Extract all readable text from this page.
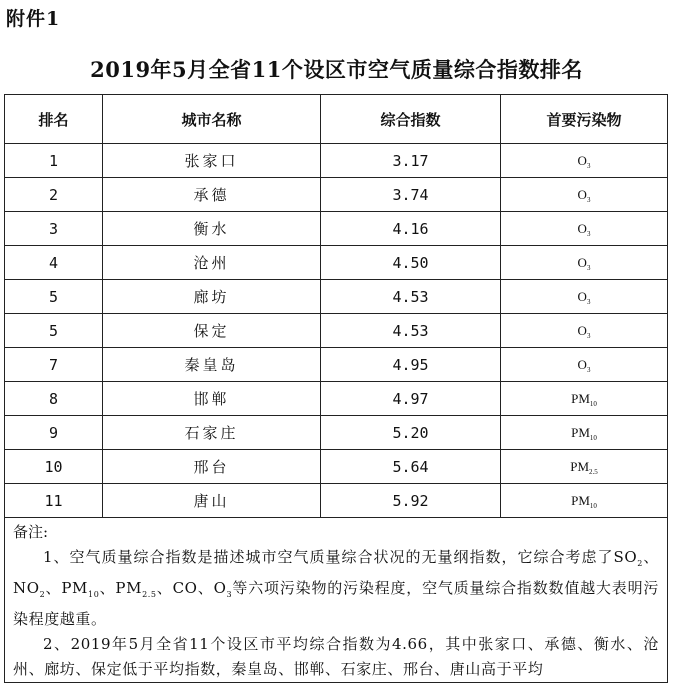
附件1
2019年5月全省11个设区市空气质量综合指数排名
排名	城市名称	综合指数	首要污染物
1	张家口	3.17	$O_3$
2	承德	3.74	$O_3$
3	衡水	4.16	$O_3$
4	沧州	4.50	$O_3$
5	廊坊	4.53	$O_3$
5	保定	4.53	$O_3$
7	秦皇岛	4.95	$O_3$
8	邯郸	4.97	$PM_{10}$
9	石家庄	5.20	$PM_{10}$
10	邢台	5.64	$PM_{2.5}$
11	唐山	5.92	$PM_{10}$

备注:
1、空气质量综合指数是描述城市空气质量综合状况的无量纲指数，它综合考虑了$SO_2$、$NO_2$、$PM_{10}$、$PM_{2.5}$、CO、$O_3$等六项污染物的污染程度，空气质量综合指数数值越大表明污染程度越重。
2、2019年5月全省11个设区市平均综合指数为4.66，其中张家口、承德、衡水、沧州、廊坊、保定低于平均指数，秦皇岛、邯郸、石家庄、邢台、唐山高于平均			
